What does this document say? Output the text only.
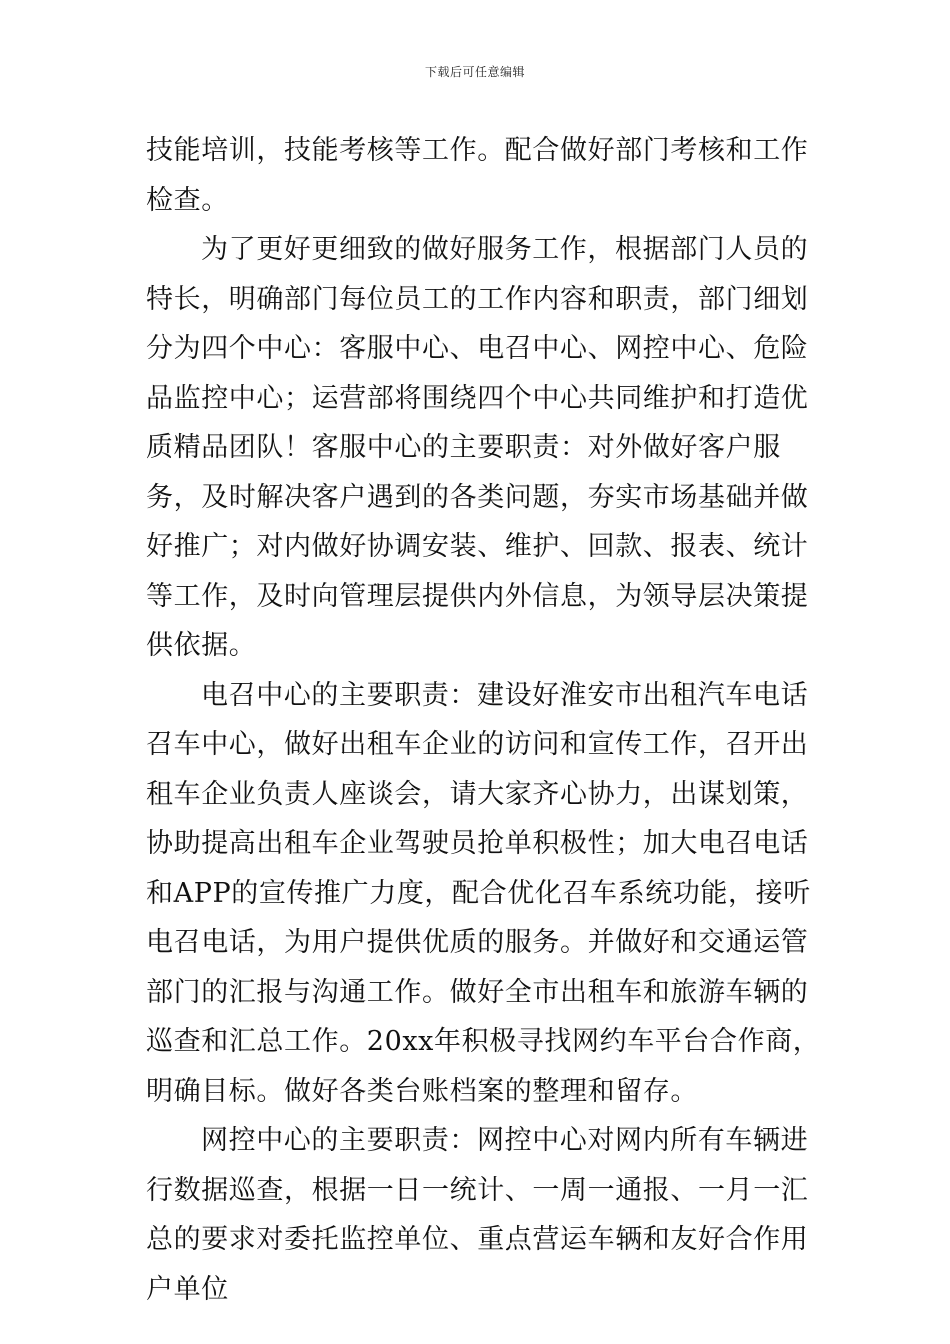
下载后可任意编辑

技能培训，技能考核等工作。配合做好部门考核和工作检查。

为了更好更细致的做好服务工作，根据部门人员的特长，明确部门每位员工的工作内容和职责，部门细划分为四个中心：客服中心、电召中心、网控中心、危险品监控中心；运营部将围绕四个中心共同维护和打造优质精品团队！客服中心的主要职责：对外做好客户服务，及时解决客户遇到的各类问题，夯实市场基础并做好推广；对内做好协调安装、维护、回款、报表、统计等工作，及时向管理层提供内外信息，为领导层决策提供依据。

电召中心的主要职责：建设好淮安市出租汽车电话召车中心，做好出租车企业的访问和宣传工作，召开出租车企业负责人座谈会，请大家齐心协力，出谋划策，协助提高出租车企业驾驶员抢单积极性；加大电召电话和APP的宣传推广力度，配合优化召车系统功能，接听电召电话，为用户提供优质的服务。并做好和交通运管部门的汇报与沟通工作。做好全市出租车和旅游车辆的巡查和汇总工作。20xx年积极寻找网约车平台合作商，明确目标。做好各类台账档案的整理和留存。

网控中心的主要职责：网控中心对网内所有车辆进行数据巡查，根据一日一统计、一周一通报、一月一汇总的要求对委托监控单位、重点营运车辆和友好合作用户单位
